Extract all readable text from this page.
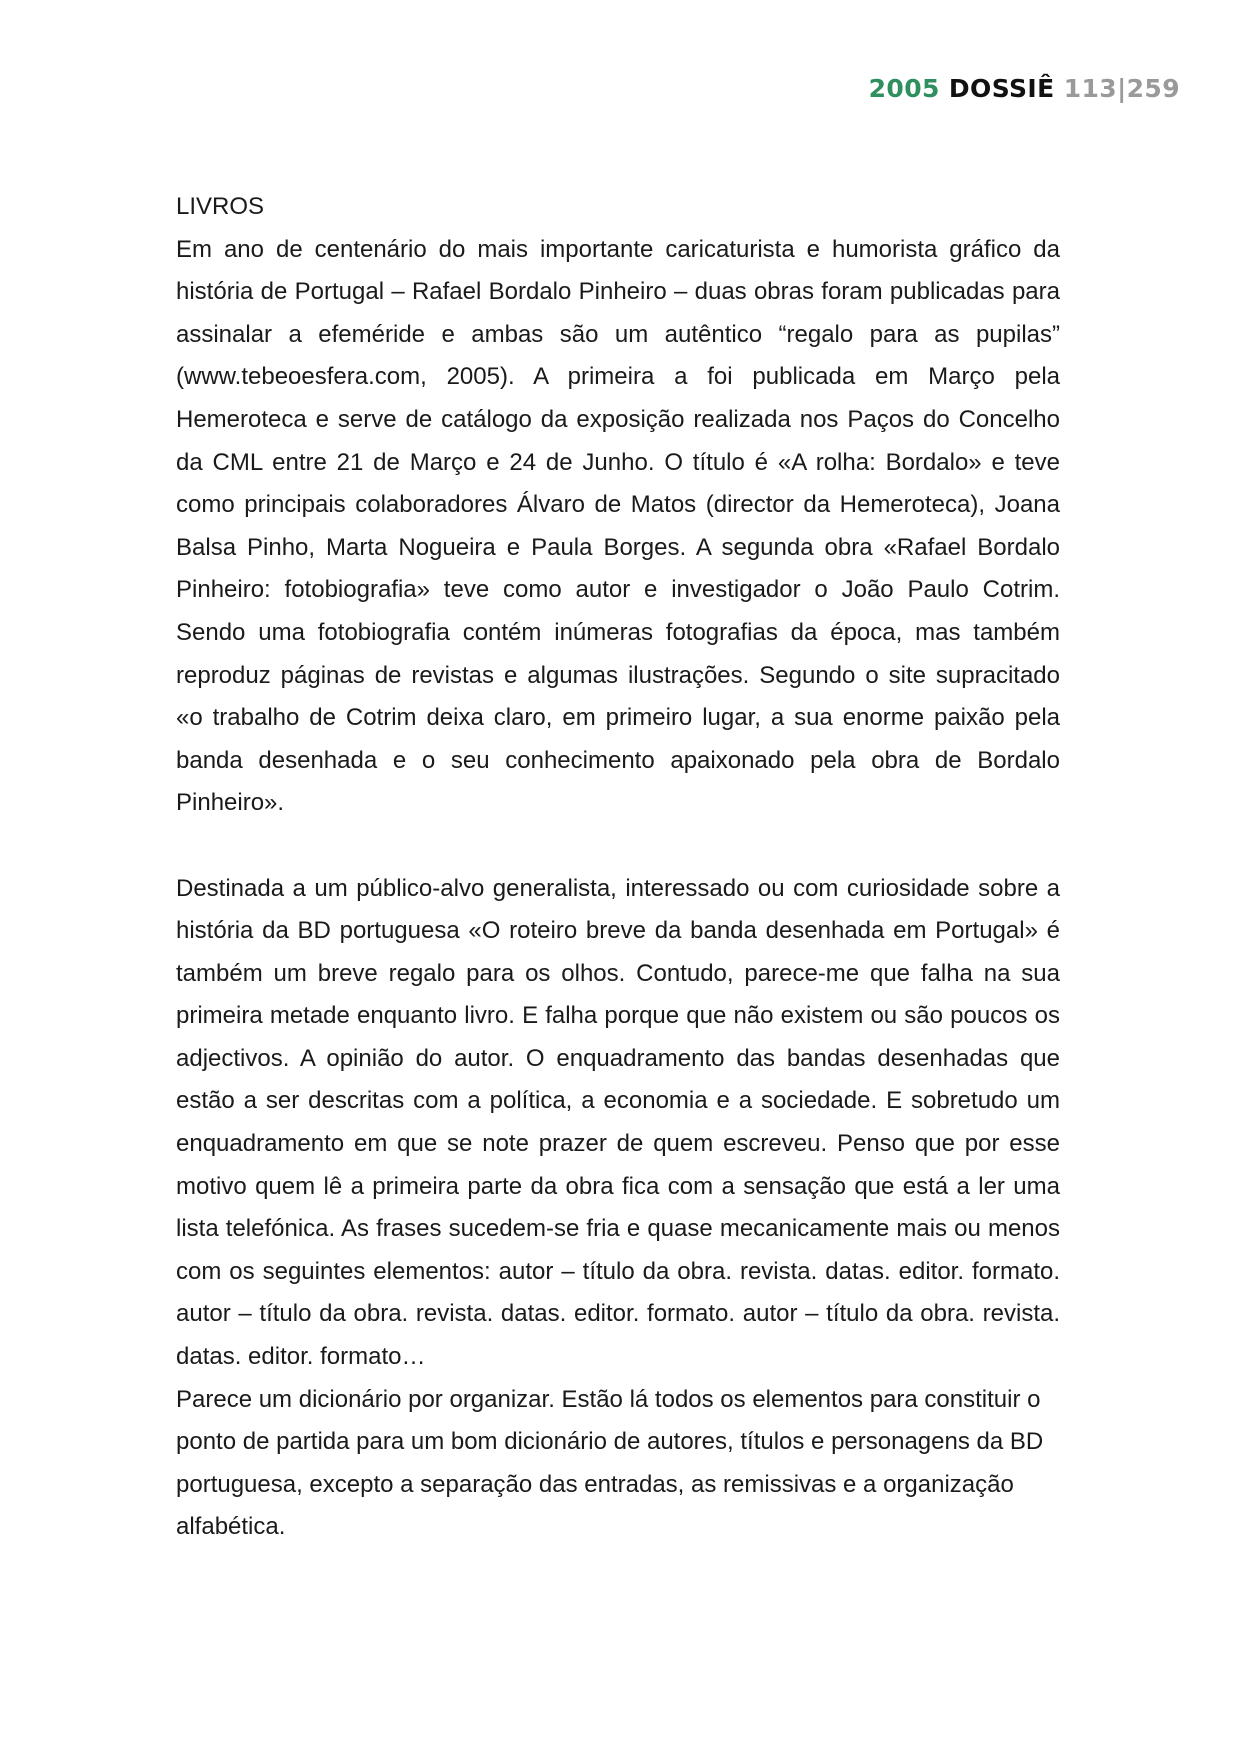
2005 DOSSIÊ 113|259
LIVROS

Em ano de centenário do mais importante caricaturista e humorista gráfico da história de Portugal – Rafael Bordalo Pinheiro – duas obras foram publicadas para assinalar a efeméride e ambas são um autêntico “regalo para as pupilas” (www.tebeoesfera.com, 2005). A primeira a foi publicada em Março pela Hemeroteca e serve de catálogo da exposição realizada nos Paços do Concelho da CML entre 21 de Março e 24 de Junho. O título é «A rolha: Bordalo» e teve como principais colaboradores Álvaro de Matos (director da Hemeroteca), Joana Balsa Pinho, Marta Nogueira e Paula Borges. A segunda obra «Rafael Bordalo Pinheiro: fotobiografia» teve como autor e investigador o João Paulo Cotrim. Sendo uma fotobiografia contém inúmeras fotografias da época, mas também reproduz páginas de revistas e algumas ilustrações. Segundo o site supracitado «o trabalho de Cotrim deixa claro, em primeiro lugar, a sua enorme paixão pela banda desenhada e o seu conhecimento apaixonado pela obra de Bordalo Pinheiro».

Destinada a um público-alvo generalista, interessado ou com curiosidade sobre a história da BD portuguesa «O roteiro breve da banda desenhada em Portugal» é também um breve regalo para os olhos. Contudo, parece-me que falha na sua primeira metade enquanto livro. E falha porque que não existem ou são poucos os adjectivos. A opinião do autor. O enquadramento das bandas desenhadas que estão a ser descritas com a política, a economia e a sociedade. E sobretudo um enquadramento em que se note prazer de quem escreveu. Penso que por esse motivo quem lê a primeira parte da obra fica com a sensação que está a ler uma lista telefónica. As frases sucedem-se fria e quase mecanicamente mais ou menos com os seguintes elementos: autor – título da obra. revista. datas. editor. formato. autor – título da obra. revista. datas. editor. formato. autor – título da obra. revista. datas. editor. formato…

Parece um dicionário por organizar. Estão lá todos os elementos para constituir o ponto de partida para um bom dicionário de autores, títulos e personagens da BD portuguesa, excepto a separação das entradas, as remissivas e a organização alfabética.
